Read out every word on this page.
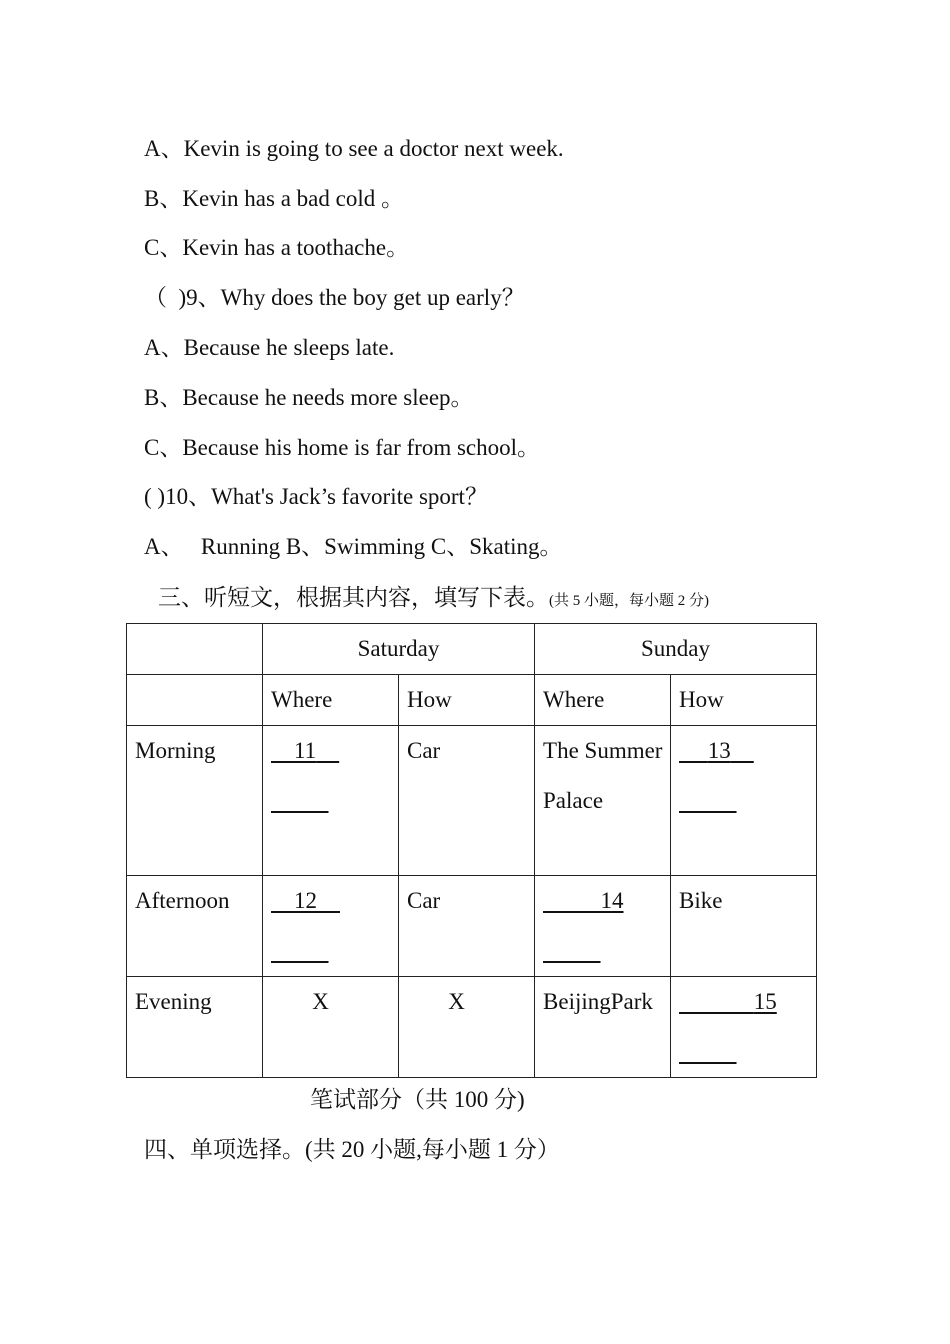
A、Kevin is going to see a doctor next week.
B、Kevin has a bad cold 。
C、Kevin has a toothache。
（  )9、Why does the boy get up early？
A、Because he sleeps late.
B、Because he needs more sleep。
C、Because his home is far from school。
( )10、What's Jack’s favorite sport？
A、   Running B、Swimming C、Skating。
三、听短文，根据其内容，填写下表。(共 5 小题，每小题 2 分)
	Saturday		Sunday	
	Where	How	Where	How
Morning	11	Car	The SummerPalace	13

Afternoon	12	Car	14	Bike
Evening	X	X	BeijingPark	15

笔试部分（共 100 分)
四、单项选择。(共 20 小题,每小题 1 分）
